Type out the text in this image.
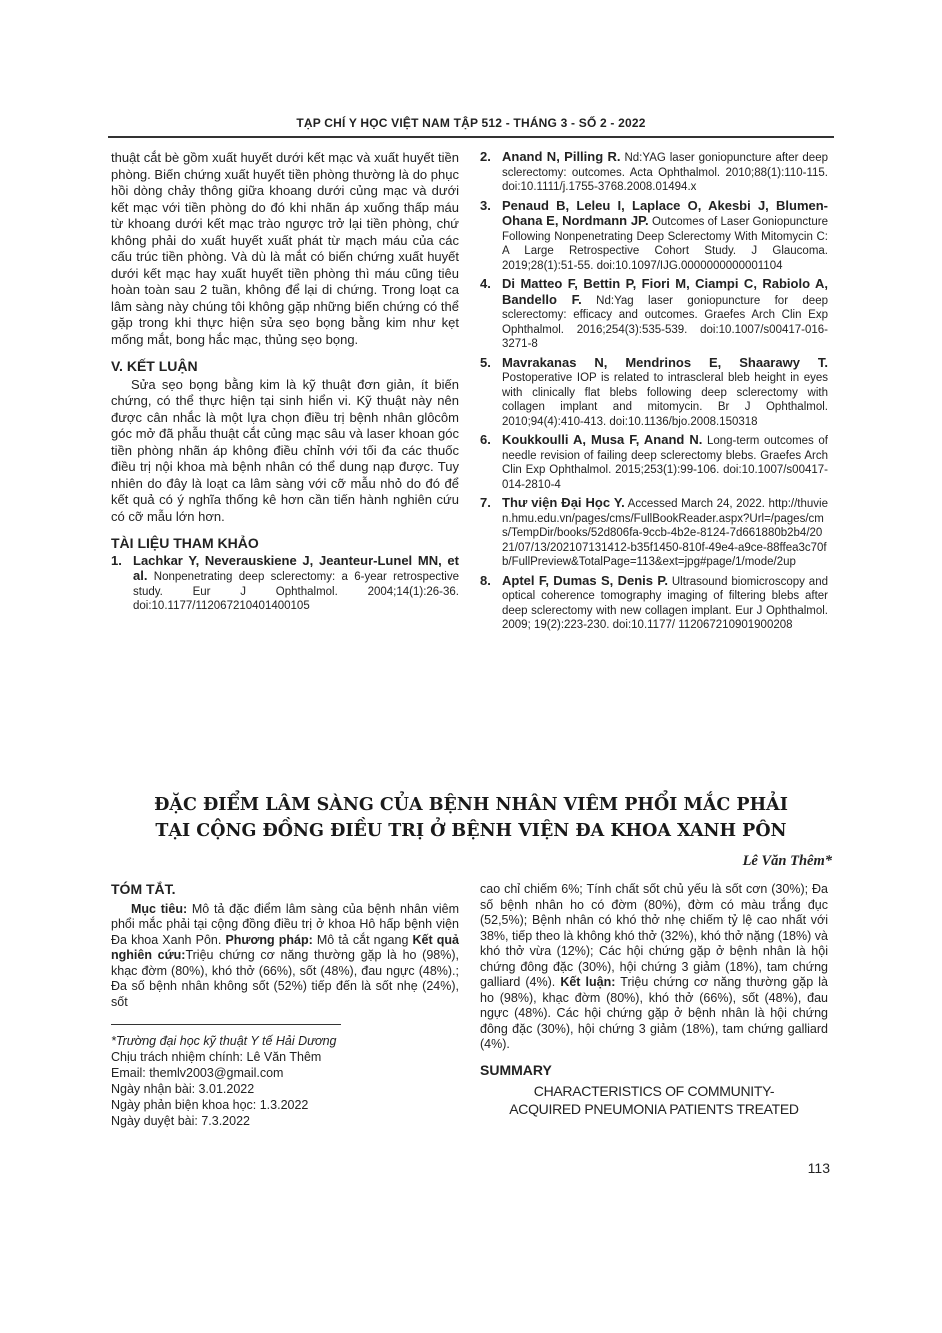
TẠP CHÍ Y HỌC VIỆT NAM TẬP 512 - THÁNG 3 - SỐ 2 - 2022

thuật cắt bè gồm xuất huyết dưới kết mạc và xuất huyết tiền phòng. Biến chứng xuất huyết tiền phòng thường là do phục hồi dòng chảy thông giữa khoang dưới củng mạc và dưới kết mạc với tiền phòng do đó khi nhãn áp xuống thấp máu từ khoang dưới kết mạc trào ngược trở lại tiền phòng, chứ không phải do xuất huyết xuất phát từ mạch máu của các cấu trúc tiền phòng. Và dù là mắt có biến chứng xuất huyết dưới kết mạc hay xuất huyết tiền phòng thì máu cũng tiêu hoàn toàn sau 2 tuần, không để lại di chứng. Trong loạt ca lâm sàng này chúng tôi không gặp những biến chứng có thể gặp trong khi thực hiện sửa sẹo bọng bằng kim như kẹt mống mắt, bong hắc mạc, thủng sẹo bọng.

V. KẾT LUẬN

Sửa sẹo bọng bằng kim là kỹ thuật đơn giản, ít biến chứng, có thể thực hiện tại sinh hiển vi. Kỹ thuật này nên được cân nhắc là một lựa chọn điều trị bệnh nhân glôcôm góc mở đã phẫu thuật cắt củng mạc sâu và laser khoan góc tiền phòng nhãn áp không điều chỉnh với tối đa các thuốc điều trị nội khoa mà bệnh nhân có thể dung nạp được. Tuy nhiên do đây là loạt ca lâm sàng với cỡ mẫu nhỏ do đó để kết quả có ý nghĩa thống kê hơn cần tiến hành nghiên cứu có cỡ mẫu lớn hơn.

TÀI LIỆU THAM KHẢO
1. Lachkar Y, Neverauskiene J, Jeanteur-Lunel MN, et al. Nonpenetrating deep sclerectomy: a 6-year retrospective study. Eur J Ophthalmol. 2004;14(1):26-36. doi:10.1177/112067210401400105
2. Anand N, Pilling R. Nd:YAG laser goniopuncture after deep sclerectomy: outcomes. Acta Ophthalmol. 2010;88(1):110-115. doi:10.1111/j.1755-3768.2008.01494.x
3. Penaud B, Leleu I, Laplace O, Akesbi J, Blumen-Ohana E, Nordmann JP. Outcomes of Laser Goniopuncture Following Nonpenetrating Deep Sclerectomy With Mitomycin C: A Large Retrospective Cohort Study. J Glaucoma. 2019;28(1):51-55. doi:10.1097/IJG.0000000000001104
4. Di Matteo F, Bettin P, Fiori M, Ciampi C, Rabiolo A, Bandello F. Nd:Yag laser goniopuncture for deep sclerectomy: efficacy and outcomes. Graefes Arch Clin Exp Ophthalmol. 2016;254(3):535-539. doi:10.1007/s00417-016-3271-8
5. Mavrakanas N, Mendrinos E, Shaarawy T. Postoperative IOP is related to intrascleral bleb height in eyes with clinically flat blebs following deep sclerectomy with collagen implant and mitomycin. Br J Ophthalmol. 2010;94(4):410-413. doi:10.1136/bjo.2008.150318
6. Koukkoulli A, Musa F, Anand N. Long-term outcomes of needle revision of failing deep sclerectomy blebs. Graefes Arch Clin Exp Ophthalmol. 2015;253(1):99-106. doi:10.1007/s00417-014-2810-4
7. Thư viện Đại Học Y. Accessed March 24, 2022. http://thuvien.hmu.edu.vn/pages/cms/FullBookReader.aspx?Url=/pages/cms/TempDir/books/52d806fa-9ccb-4b2e-8124-7d661880b2b4/2021/07/13/202107131412-b35f1450-810f-49e4-a9ce-88ffea3c70fb/FullPreview&TotalPage=113&ext=jpg#page/1/mode/2up
8. Aptel F, Dumas S, Denis P. Ultrasound biomicroscopy and optical coherence tomography imaging of filtering blebs after deep sclerectomy with new collagen implant. Eur J Ophthalmol. 2009; 19(2):223-230. doi:10.1177/ 112067210901900208
ĐẶC ĐIỂM LÂM SÀNG CỦA BỆNH NHÂN VIÊM PHỔI MẮC PHẢI
TẠI CỘNG ĐỒNG ĐIỀU TRỊ Ở BỆNH VIỆN ĐA KHOA XANH PÔN
Lê Văn Thêm*
TÓM TẮT.

Mục tiêu: Mô tả đặc điểm lâm sàng của bệnh nhân viêm phổi mắc phải tại cộng đồng điều trị ở khoa Hô hấp bệnh viện Đa khoa Xanh Pôn. Phương pháp: Mô tả cắt ngang Kết quả nghiên cứu:Triệu chứng cơ năng thường gặp là ho (98%), khạc đờm (80%), khó thở (66%), sốt (48%), đau ngực (48%).; Đa số bệnh nhân không sốt (52%) tiếp đến là sốt nhẹ (24%), sốt

*Trường đại học kỹ thuật Y tế Hải Dương
Chịu trách nhiệm chính: Lê Văn Thêm
Email: themlv2003@gmail.com
Ngày nhận bài: 3.01.2022
Ngày phản biện khoa học: 1.3.2022
Ngày duyệt bài: 7.3.2022

cao chỉ chiếm 6%; Tính chất sốt chủ yếu là sốt cơn (30%); Đa số bệnh nhân ho có đờm (80%), đờm có màu trắng đục (52,5%); Bệnh nhân có khó thở nhẹ chiếm tỷ lệ cao nhất với 38%, tiếp theo là không khó thở (32%), khó thở nặng (18%) và khó thở vừa (12%); Các hội chứng gặp ở bệnh nhân là hội chứng đông đặc (30%), hội chứng 3 giảm (18%), tam chứng galliard (4%). Kết luận: Triệu chứng cơ năng thường gặp là ho (98%), khạc đờm (80%), khó thở (66%), sốt (48%), đau ngực (48%). Các hội chứng gặp ở bệnh nhân là hội chứng đông đặc (30%), hội chứng 3 giảm (18%), tam chứng galliard (4%).

SUMMARY
CHARACTERISTICS OF COMMUNITY-
ACQUIRED PNEUMONIA PATIENTS TREATED
113
